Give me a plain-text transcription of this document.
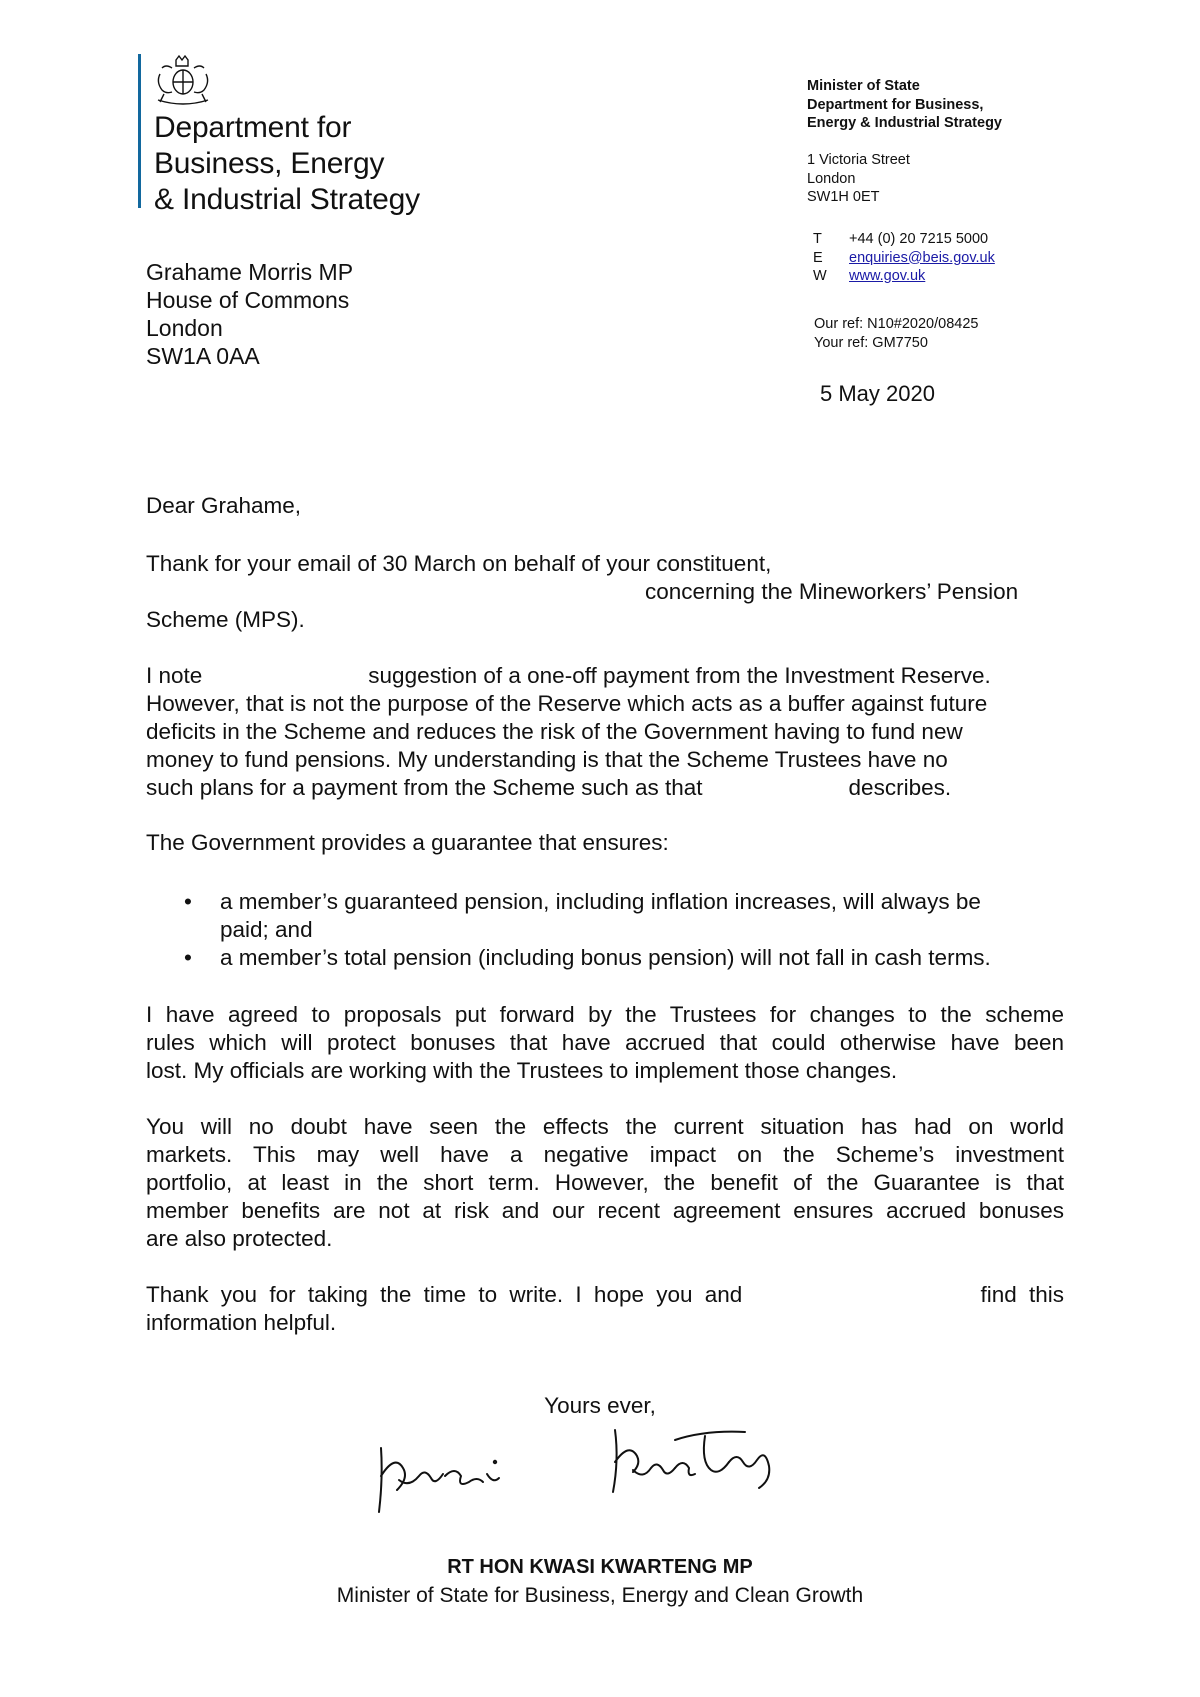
Department for
Business, Energy
& Industrial Strategy
Minister of State
Department for Business,
Energy & Industrial Strategy
1 Victoria Street
London
SW1H 0ET
T	+44 (0) 20 7215 5000
E	enquiries@beis.gov.uk
W	www.gov.uk
Our ref: N10#2020/08425
Your ref: GM7750
5 May 2020
Grahame Morris MP
House of Commons
London
SW1A 0AA
Dear Grahame,
Thank for your email of 30 March on behalf of your constituent,
concerning the Mineworkers’ Pension
Scheme (MPS).
I note	suggestion of a one-off payment from the Investment Reserve.
However, that is not the purpose of the Reserve which acts as a buffer against future
deficits in the Scheme and reduces the risk of the Government having to fund new
money to fund pensions. My understanding is that the Scheme Trustees have no
such plans for a payment from the Scheme such as that	describes.
The Government provides a guarantee that ensures:
• a member’s guaranteed pension, including inflation increases, will always be
paid; and
• a member’s total pension (including bonus pension) will not fall in cash terms.
I have agreed to proposals put forward by the Trustees for changes to the scheme
rules which will protect bonuses that have accrued that could otherwise have been
lost. My officials are working with the Trustees to implement those changes.
You will no doubt have seen the effects the current situation has had on world
markets. This may well have a negative impact on the Scheme’s investment
portfolio, at least in the short term. However, the benefit of the Guarantee is that
member benefits are not at risk and our recent agreement ensures accrued bonuses
are also protected.
Thank you for taking the time to write. I hope you and	find this
information helpful.
Yours ever,
RT HON KWASI KWARTENG MP
Minister of State for Business, Energy and Clean Growth
